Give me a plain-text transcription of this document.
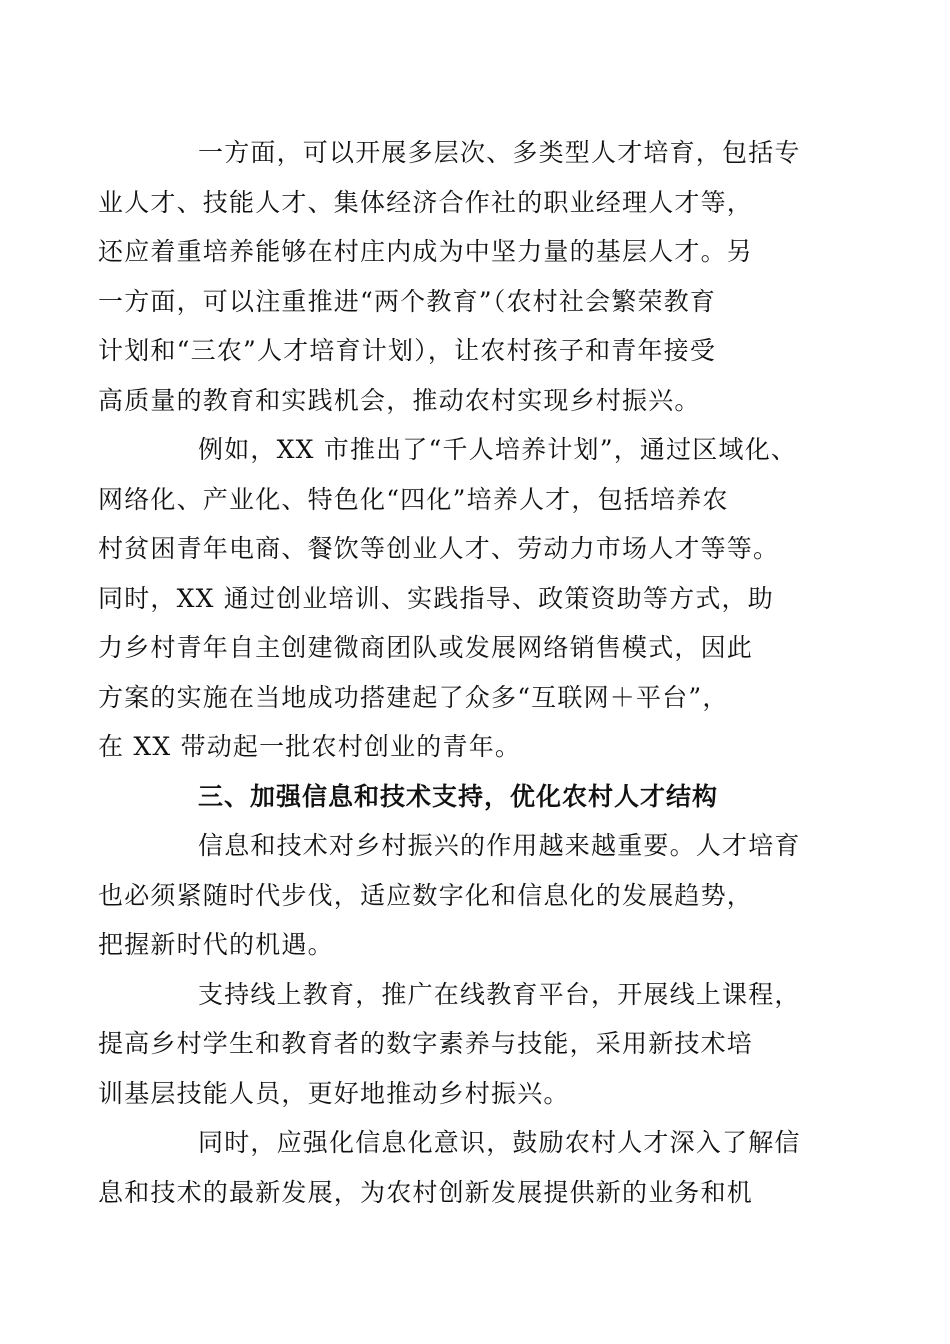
一方面，可以开展多层次、多类型人才培育，包括专
业人才、技能人才、集体经济合作社的职业经理人才等，
还应着重培养能够在村庄内成为中坚力量的基层人才。另
一方面，可以注重推进“两个教育”（农村社会繁荣教育
计划和“三农”人才培育计划），让农村孩子和青年接受
高质量的教育和实践机会，推动农村实现乡村振兴。
例如，XX 市推出了“千人培养计划”，通过区域化、
网络化、产业化、特色化“四化”培养人才，包括培养农
村贫困青年电商、餐饮等创业人才、劳动力市场人才等等。
同时，XX 通过创业培训、实践指导、政策资助等方式，助
力乡村青年自主创建微商团队或发展网络销售模式，因此
方案的实施在当地成功搭建起了众多“互联网＋平台”，
在 XX 带动起一批农村创业的青年。
三、加强信息和技术支持，优化农村人才结构
信息和技术对乡村振兴的作用越来越重要。人才培育
也必须紧随时代步伐，适应数字化和信息化的发展趋势，
把握新时代的机遇。
支持线上教育，推广在线教育平台，开展线上课程，
提高乡村学生和教育者的数字素养与技能，采用新技术培
训基层技能人员，更好地推动乡村振兴。
同时，应强化信息化意识，鼓励农村人才深入了解信
息和技术的最新发展，为农村创新发展提供新的业务和机
